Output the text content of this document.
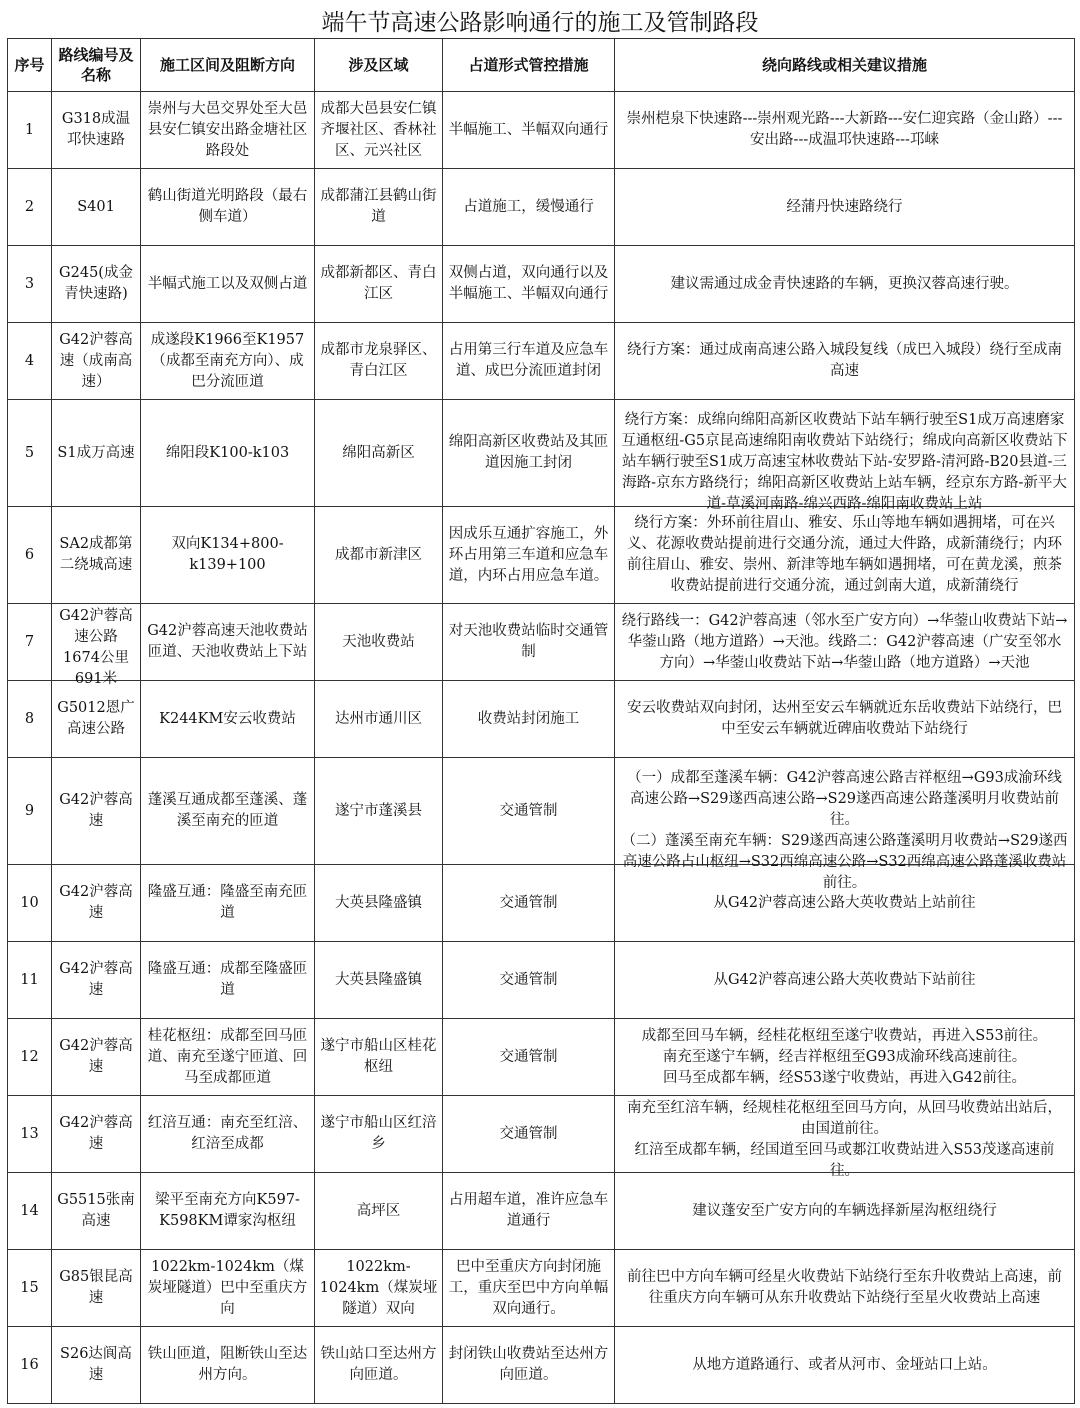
端午节高速公路影响通行的施工及管制路段
序号	路线编号及名称	施工区间及阻断方向	涉及区域	占道形式管控措施	绕向路线或相关建议措施

1	G318成温邛快速路	崇州与大邑交界处至大邑县安仁镇安出路金塘社区路段处	成都大邑县安仁镇齐堰社区、香林社区、元兴社区	半幅施工、半幅双向通行	崇州桤泉下快速路---崇州观光路---大新路---安仁迎宾路（金山路）---安出路---成温邛快速路---邛崃

2	S401	鹤山街道光明路段（最右侧车道）	成都蒲江县鹤山街道	占道施工，缓慢通行	经蒲丹快速路绕行

3	G245(成金青快速路)	半幅式施工以及双侧占道	成都新都区、青白江区	双侧占道，双向通行以及半幅施工、半幅双向通行	建议需通过成金青快速路的车辆，更换汉蓉高速行驶。

4	G42沪蓉高速（成南高速）	成遂段K1966至K1957（成都至南充方向）、成巴分流匝道	成都市龙泉驿区、青白江区	占用第三行车道及应急车道、成巴分流匝道封闭	绕行方案：通过成南高速公路入城段复线（成巴入城段）绕行至成南高速

5	S1成万高速	绵阳段K100-k103	绵阳高新区	绵阳高新区收费站及其匝道因施工封闭	绕行方案：成绵向绵阳高新区收费站下站车辆行驶至S1成万高速磨家互通枢纽-G5京昆高速绵阳南收费站下站绕行；绵成向高新区收费站下站车辆行驶至S1成万高速宝林收费站下站-安罗路-清河路-B20县道-三海路-京东方路绕行；绵阳高新区收费站上站车辆，经京东方路-新平大道-草溪河南路-绵兴西路-绵阳南收费站上站

6	SA2成都第二绕城高速	双向K134+800-k139+100	成都市新津区	因成乐互通扩容施工，外环占用第三车道和应急车道，内环占用应急车道。	绕行方案：外环前往眉山、雅安、乐山等地车辆如遇拥堵，可在兴义、花源收费站提前进行交通分流，通过大件路，成新蒲绕行；内环前往眉山、雅安、崇州、新津等地车辆如遇拥堵，可在黄龙溪，煎茶收费站提前进行交通分流，通过剑南大道，成新蒲绕行

7	G42沪蓉高速公路1674公里691米	G42沪蓉高速天池收费站匝道、天池收费站上下站	天池收费站	对天池收费站临时交通管制	绕行路线一：G42沪蓉高速（邻水至广安方向）→华蓥山收费站下站→华蓥山路（地方道路）→天池。线路二：G42沪蓉高速（广安至邻水方向）→华蓥山收费站下站→华蓥山路（地方道路）→天池

8	G5012恩广高速公路	K244KM安云收费站	达州市通川区	收费站封闭施工	安云收费站双向封闭，达州至安云车辆就近东岳收费站下站绕行，巴中至安云车辆就近碑庙收费站下站绕行

9	G42沪蓉高速	蓬溪互通成都至蓬溪、蓬溪至南充的匝道	遂宁市蓬溪县	交通管制	（一）成都至蓬溪车辆：G42沪蓉高速公路吉祥枢纽→G93成渝环线高速公路→S29遂西高速公路→S29遂西高速公路蓬溪明月收费站前往。

（二）蓬溪至南充车辆：S29遂西高速公路蓬溪明月收费站→S29遂西高速公路占山枢纽→S32西绵高速公路→S32西绵高速公路蓬溪收费站前往。

10	G42沪蓉高速	隆盛互通：隆盛至南充匝道	大英县隆盛镇	交通管制	从G42沪蓉高速公路大英收费站上站前往

11	G42沪蓉高速	隆盛互通：成都至隆盛匝道	大英县隆盛镇	交通管制	从G42沪蓉高速公路大英收费站下站前往

12	G42沪蓉高速	桂花枢纽：成都至回马匝道、南充至遂宁匝道、回马至成都匝道	遂宁市船山区桂花枢纽	交通管制	成都至回马车辆，经桂花枢纽至遂宁收费站，再进入S53前往。

南充至遂宁车辆，经吉祥枢纽至G93成渝环线高速前往。

回马至成都车辆，经S53遂宁收费站，再进入G42前往。

13	G42沪蓉高速	红涪互通：南充至红涪、红涪至成都	遂宁市船山区红涪乡	交通管制	南充至红涪车辆，经规桂花枢纽至回马方向，从回马收费站出站后，由国道前往。

红涪至成都车辆，经国道至回马或郪江收费站进入S53茂遂高速前往。

14	G5515张南高速	梁平至南充方向K597-K598KM谭家沟枢纽	高坪区	占用超车道，准许应急车道通行	建议蓬安至广安方向的车辆选择新屋沟枢纽绕行

15	G85银昆高速	1022km-1024km（煤炭垭隧道）巴中至重庆方向	1022km-1024km（煤炭垭隧道）双向	巴中至重庆方向封闭施工，重庆至巴中方向单幅双向通行。	前往巴中方向车辆可经星火收费站下站绕行至东升收费站上高速，前往重庆方向车辆可从东升收费站下站绕行至星火收费站上高速

16	S26达阆高速	铁山匝道，阻断铁山至达州方向。	铁山站口至达州方向匝道。	封闭铁山收费站至达州方向匝道。	从地方道路通行、或者从河市、金垭站口上站。
